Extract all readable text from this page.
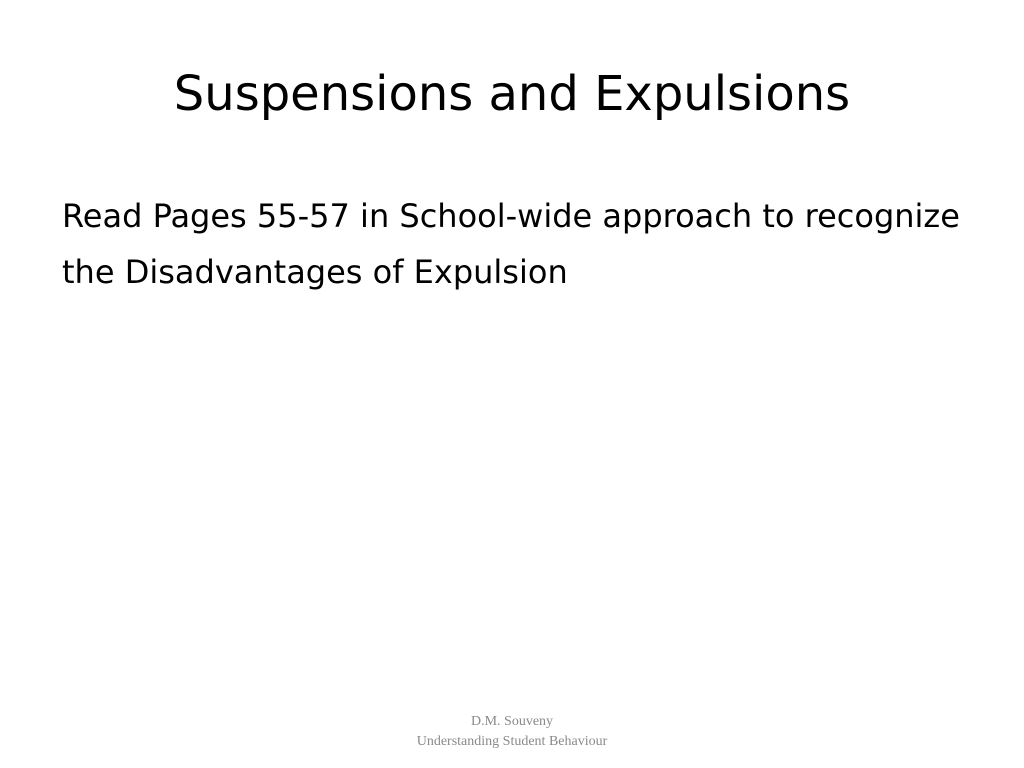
Suspensions and Expulsions

Read Pages 55-57 in School-wide approach to recognize the Disadvantages of Expulsion

D.M. Souveny
Understanding Student Behaviour
